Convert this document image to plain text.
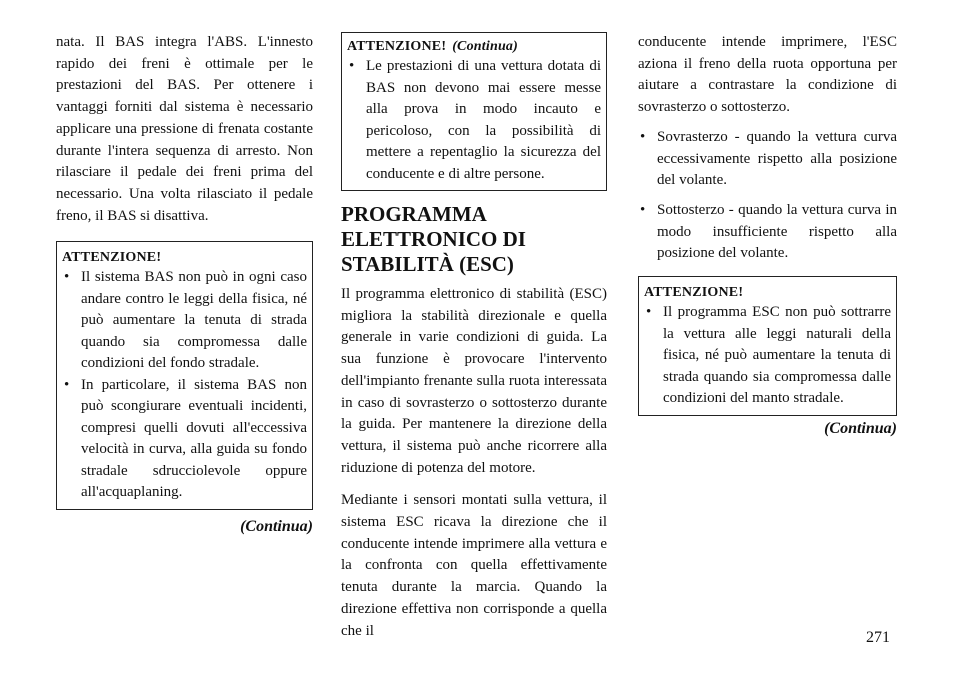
nata. Il BAS integra l'ABS. L'innesto rapido dei freni è ottimale per le prestazioni del BAS. Per ottenere i vantaggi forniti dal sistema è necessario applicare una pressione di frenata costante durante l'intera sequenza di arresto. Non rilasciare il pedale dei freni prima del necessario. Una volta rilasciato il pedale freno, il BAS si disattiva.

ATTENZIONE!
• Il sistema BAS non può in ogni caso andare contro le leggi della fisica, né può aumentare la tenuta di strada quando sia compromessa dalle condizioni del fondo stradale.
• In particolare, il sistema BAS non può scongiurare eventuali incidenti, compresi quelli dovuti all'eccessiva velocità in curva, alla guida su fondo stradale sdrucciolevole oppure all'acquaplaning.
(Continua)
ATTENZIONE! (Continua)
• Le prestazioni di una vettura dotata di BAS non devono mai essere messe alla prova in modo incauto e pericoloso, con la possibilità di mettere a repentaglio la sicurezza del conducente e di altre persone.
PROGRAMMA ELETTRONICO DI STABILITÀ (ESC)

Il programma elettronico di stabilità (ESC) migliora la stabilità direzionale e quella generale in varie condizioni di guida. La sua funzione è provocare l'intervento dell'impianto frenante sulla ruota interessata in caso di sovrasterzo o sottosterzo durante la guida. Per mantenere la direzione della vettura, il sistema può anche ricorrere alla riduzione di potenza del motore.

Mediante i sensori montati sulla vettura, il sistema ESC ricava la direzione che il conducente intende imprimere alla vettura e la confronta con quella effettivamente tenuta durante la marcia. Quando la direzione effettiva non corrisponde a quella che il

conducente intende imprimere, l'ESC aziona il freno della ruota opportuna per aiutare a contrastare la condizione di sovrasterzo o sottosterzo.

• Sovrasterzo - quando la vettura curva eccessivamente rispetto alla posizione del volante.
• Sottosterzo - quando la vettura curva in modo insufficiente rispetto alla posizione del volante.
ATTENZIONE!
• Il programma ESC non può sottrarre la vettura alle leggi naturali della fisica, né può aumentare la tenuta di strada quando sia compromessa dalle condizioni del manto stradale.
(Continua)
271
